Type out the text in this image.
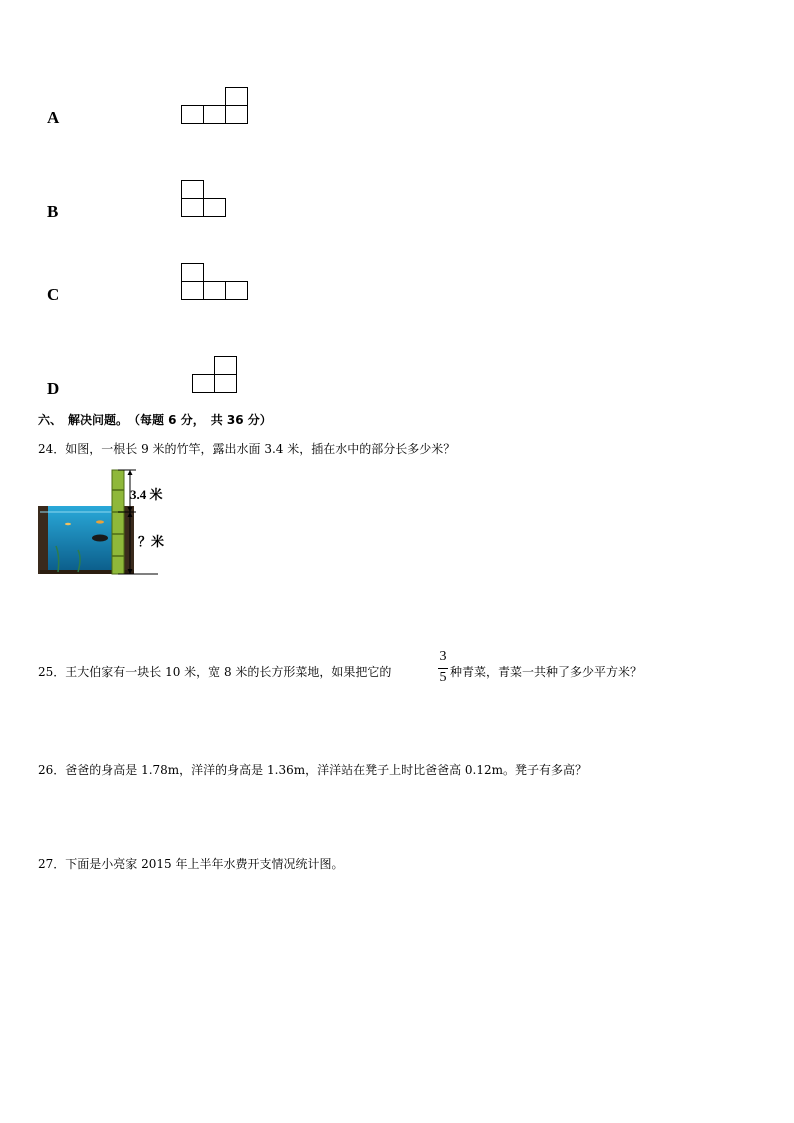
A
B
C
D
六、　解决问题。　（每题 6 分，　共 36 分）
24．如图，一根长 9 米的竹竿，露出水面 3.4 米，插在水中的部分长多少米？
3.4 米
？米
25．王大伯家有一块长 10 米，宽 8 米的长方形菜地，如果把它的
3
5 种青菜，青菜一共种了多少平方米？
26．爸爸的身高是 1.78m，洋洋的身高是 1.36m，洋洋站在凳子上时比爸爸高 0.12m。凳子有多高？
27．下面是小亮家 2015 年上半年水费开支情况统计图。
